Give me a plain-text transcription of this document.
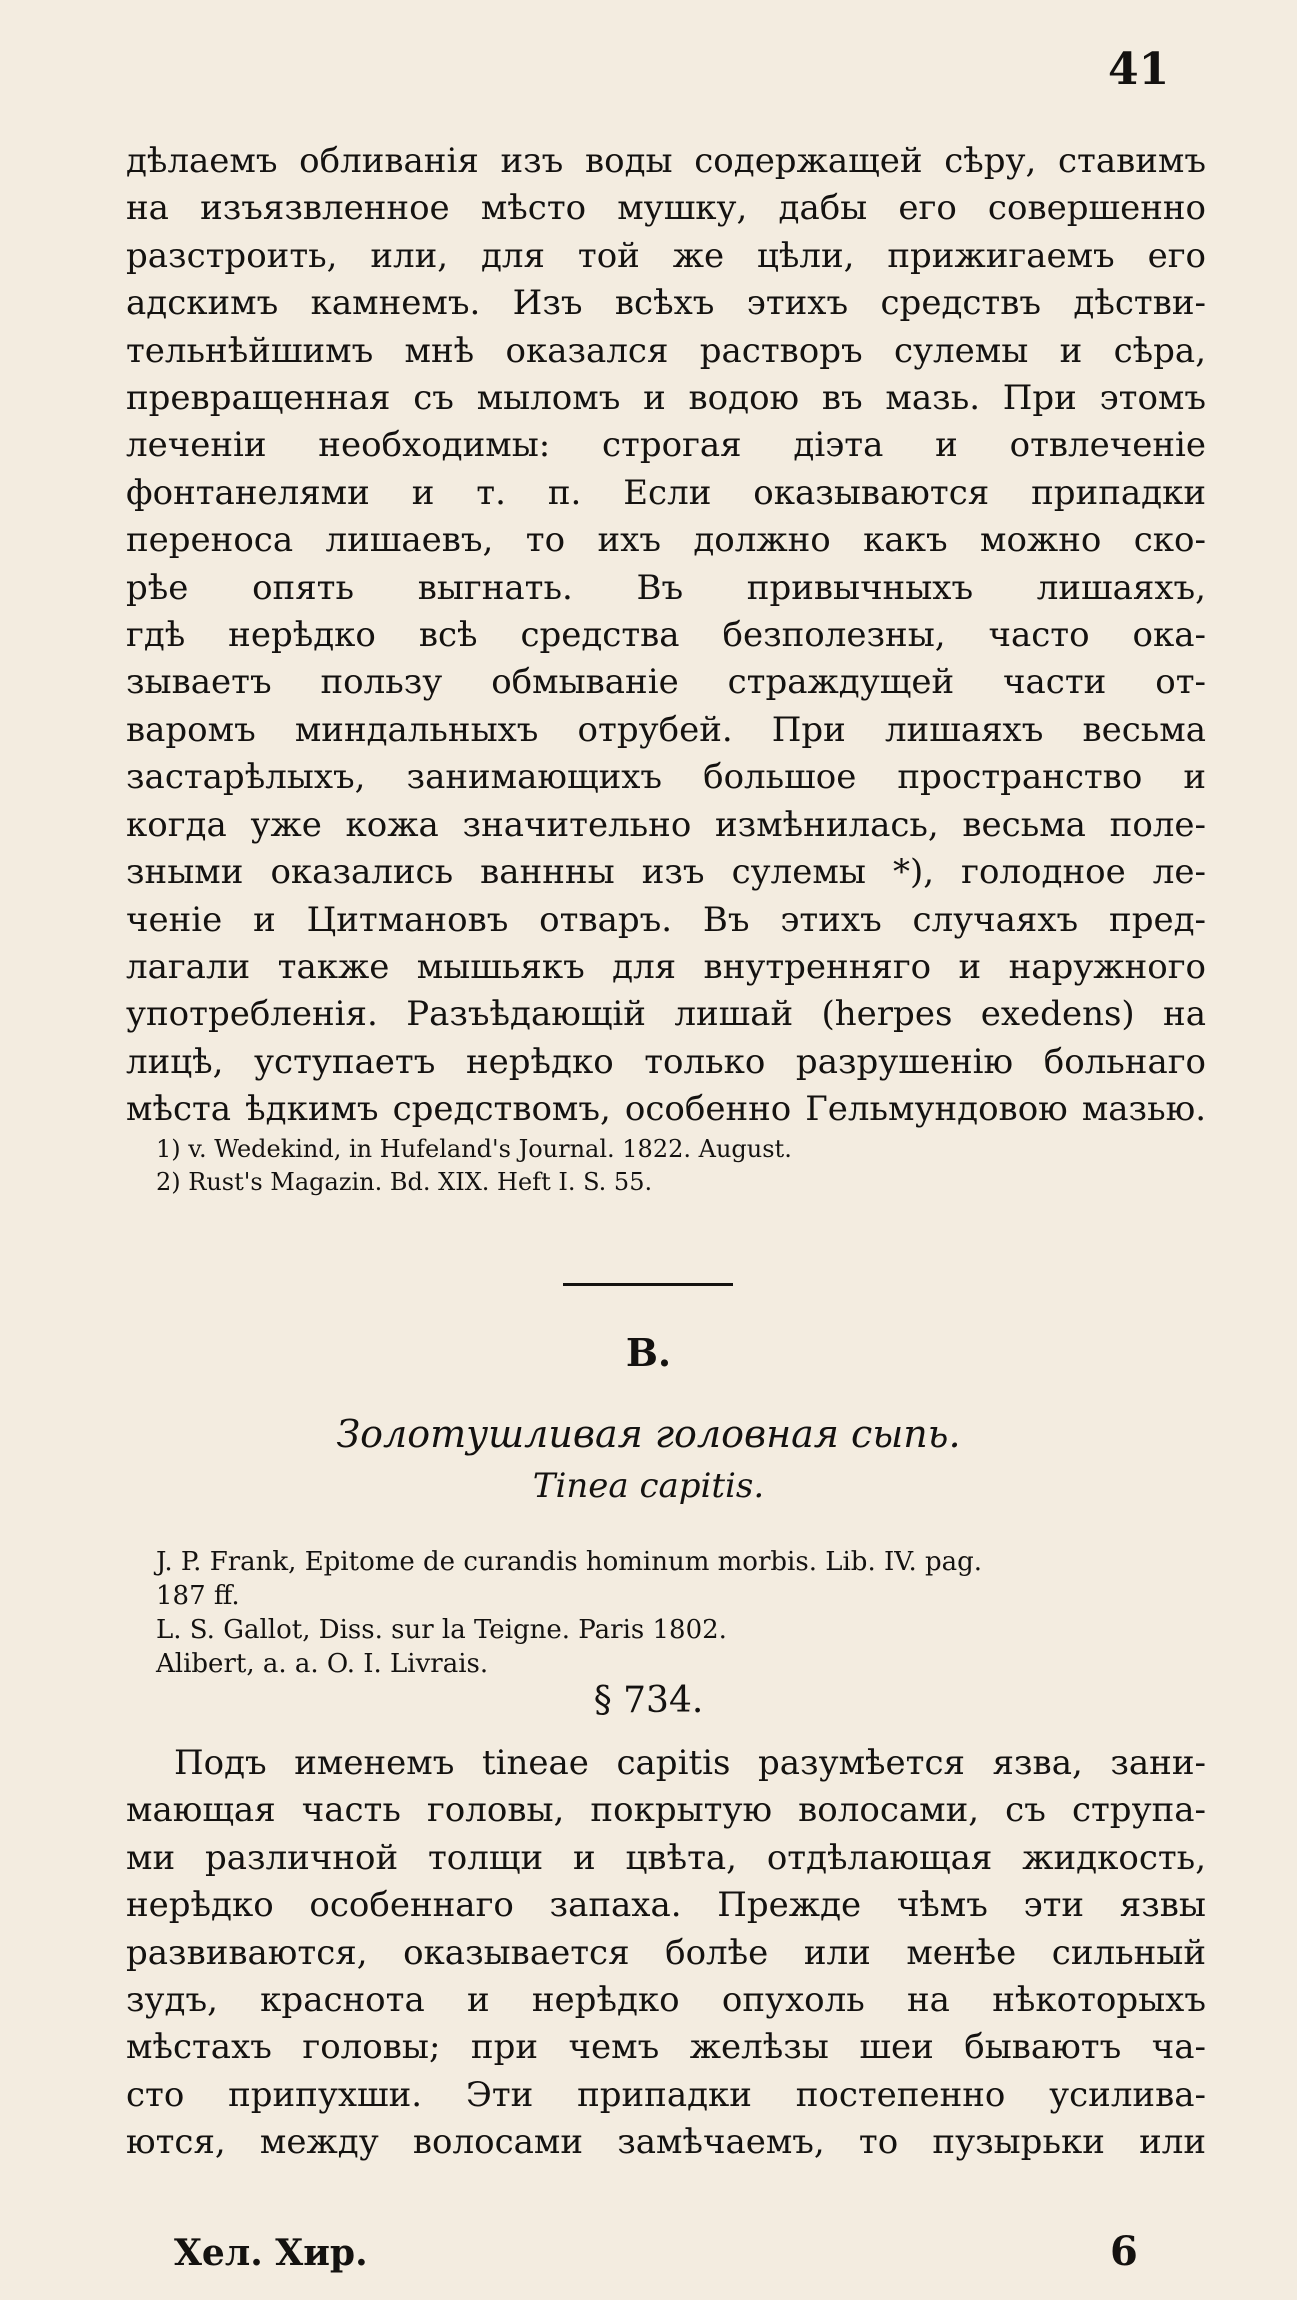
41

дѣлаемъ обливанія изъ воды содержащей сѣру, ставимъ

на изъязвленное мѣсто мушку, дабы его совершенно

разстроить, или, для той же цѣли, прижигаемъ его

адскимъ камнемъ. Изъ всѣхъ этихъ средствъ дѣстви-

тельнѣйшимъ мнѣ оказался растворъ сулемы и сѣра,

превращенная съ мыломъ и водою въ мазь. При этомъ

леченіи необходимы: строгая діэта и отвлеченіе

фонтанелями и т. п. Если оказываются припадки

переноса лишаевъ, то ихъ должно какъ можно ско-

рѣе опять выгнать. Въ привычныхъ лишаяхъ,

гдѣ нерѣдко всѣ средства безполезны, часто ока-

зываетъ пользу обмываніе страждущей части от-

варомъ миндальныхъ отрубей. При лишаяхъ весьма

застарѣлыхъ, занимающихъ большое пространство и

когда уже кожа значительно измѣнилась, весьма поле-

зными оказались ваннны изъ сулемы *), голодное ле-

ченіе и Цитмановъ отваръ. Въ этихъ случаяхъ пред-

лагали также мышьякъ для внутренняго и наружного

употребленія. Разъѣдающій лишай (herpes exedens) на

лицѣ, уступаетъ нерѣдко только разрушенію больнаго

мѣста ѣдкимъ средствомъ, особенно Гельмундовою мазью.

1) v. Wedekind, in Hufeland's Journal. 1822. August.
2) Rust's Magazin. Bd. XIX. Heft I. S. 55.
B.
Золотушливая головная сыпь.
Tinea capitis.
J. P. Frank, Epitome de curandis hominum morbis. Lib. IV. pag.
187 ff.
L. S. Gallot, Diss. sur la Teigne. Paris 1802.
Alibert, a. a. O. I. Livrais.
§ 734.

Подъ именемъ tineae capitis разумѣется язва, зани-

мающая часть головы, покрытую волосами, съ струпа-

ми различной толщи и цвѣта, отдѣлающая жидкость,

нерѣдко особеннаго запаха. Прежде чѣмъ эти язвы

развиваются, оказывается болѣе или менѣе сильный

зудъ, краснота и нерѣдко опухоль на нѣкоторыхъ

мѣстахъ головы; при чемъ желѣзы шеи бываютъ ча-

сто припухши. Эти припадки постепенно усилива-

ются, между волосами замѣчаемъ, то пузырьки или

Хел. Хир.	6
